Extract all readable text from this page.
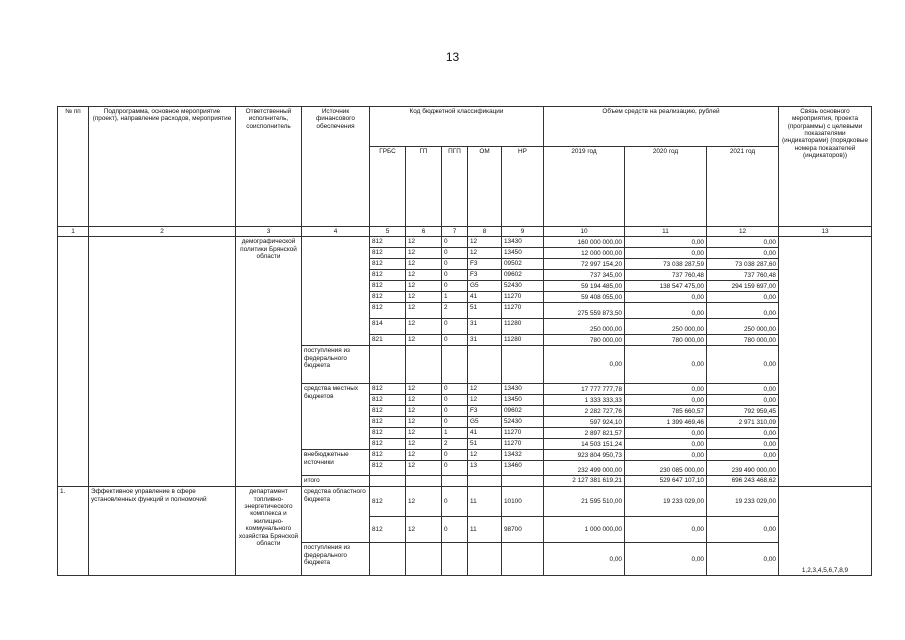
13
№ пп	Подпрограмма, основное мероприятие (проект), направление расходов, мероприятие	Ответственный исполнитель, соисполнитель	Источник финансового обеспечения	Код бюджетной классификации					Объем средств на реализацию, рублей			Связь основного мероприятия, проекта (программы) с целевыми показателями (индикаторами) (порядковые номера показателей (индикаторов))
				ГРБС	ГП	ПГП	ОМ	НР	2019 год	2020 год	2021 год	
1	2	3	4	5	6	7	8	9	10	11	12	13
		демографической политики Брянской области		812	12	0	12	13430	160 000 000,00	0,00	0,00	
				812	12	0	12	13450	12 000 000,00	0,00	0,00	
				812	12	0	F3	09502	72 997 154,20	73 038 287,59	73 038 287,60	
				812	12	0	F3	09602	737 345,00	737 760,48	737 760,48	
				812	12	0	G5	52430	59 194 485,00	138 547 475,00	294 159 697,00	
				812	12	1	41	11270	59 408 055,00	0,00	0,00	
				812	12	2	51	11270	275 559 873,50	0,00	0,00	
				814	12	0	31	11280	250 000,00	250 000,00	250 000,00	
				821	12	0	31	11280	780 000,00	780 000,00	780 000,00	
			поступления из федерального бюджета						0,00	0,00	0,00	
			средства местных бюджетов	812	12	0	12	13430	17 777 777,78	0,00	0,00	
				812	12	0	12	13450	1 333 333,33	0,00	0,00	
				812	12	0	F3	09602	2 282 727,76	785 660,57	792 959,45	
				812	12	0	G5	52430	597 924,10	1 399 469,46	2 971 310,09	
				812	12	1	41	11270	2 897 821,57	0,00	0,00	
				812	12	2	51	11270	14 503 151,24	0,00	0,00	
			внебюджетные источники	812	12	0	12	13432	923 804 950,73	0,00	0,00	
				812	12	0	13	13460	232 499 000,00	230 085 000,00	239 490 000,00	
			итого						2 127 381 619,21	529 647 107,10	696 243 468,62	
1.	Эффективное управление в сфере установленных функций и полномочий	департамент топливно-энергетического комплекса и жилищно-коммунального хозяйства Брянской области	средства областного бюджета	812	12	0	11	10100	21 595 510,00	19 233 029,00	19 233 029,00	1,2,3,4,5,6,7,8,9
				812	12	0	11	98700	1 000 000,00	0,00	0,00	
			поступления из федерального бюджета						0,00	0,00	0,00	
